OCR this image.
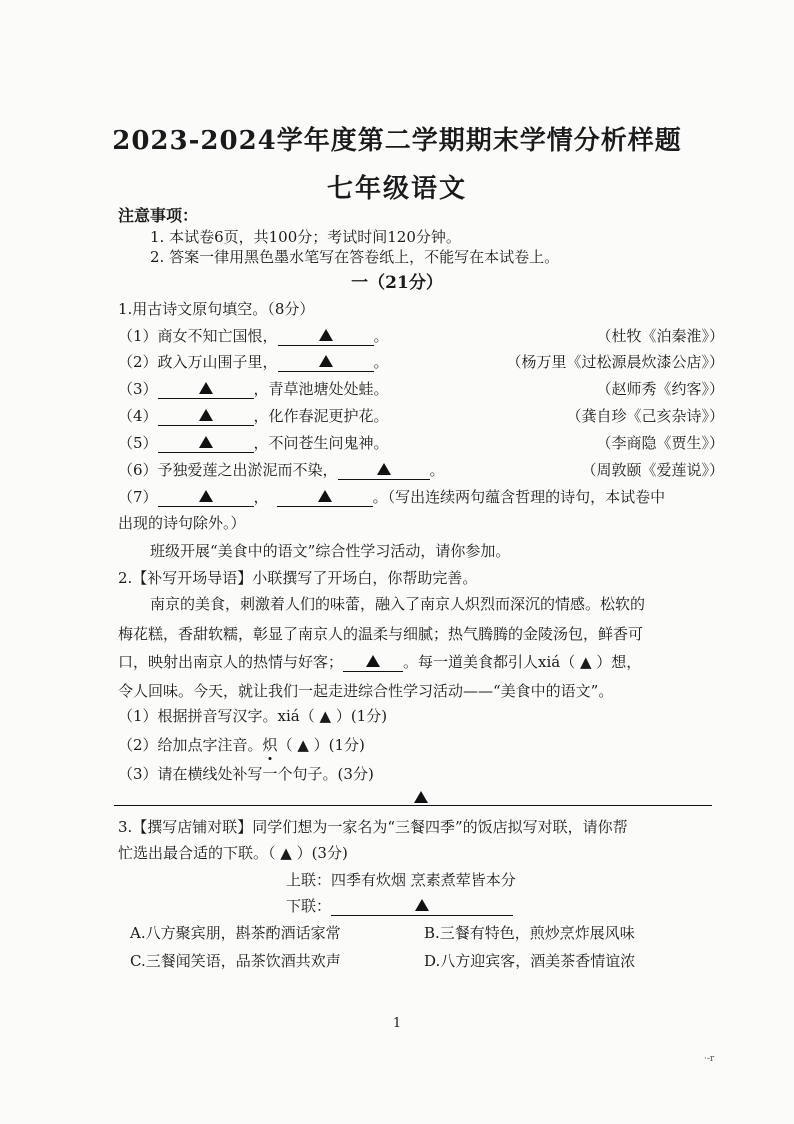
2023-2024学年度第二学期期末学情分析样题
七年级语文
注意事项：
1. 本试卷6页，共100分；考试时间120分钟。
2. 答案一律用黑色墨水笔写在答卷纸上，不能写在本试卷上。
一（21分）
1.用古诗文原句填空。（8分）
（1）商女不知亡国恨，	。	（杜牧《泊秦淮》）
（2）政入万山围子里，	。	（杨万里《过松源晨炊漆公店》）
（3）	，青草池塘处处蛙。	（赵师秀《约客》）
（4）	，化作春泥更护花。	（龚自珍《己亥杂诗》）
（5）	，不问苍生问鬼神。	（李商隐《贾生》）
（6）予独爱莲之出淤泥而不染，	。	（周敦颐《爱莲说》）
（7）	，	。（写出连续两句蕴含哲理的诗句，本试卷中
出现的诗句除外。）
班级开展“美食中的语文”综合性学习活动，请你参加。
2.【补写开场导语】小联撰写了开场白，你帮助完善。
南京的美食，刺激着人们的味蕾，融入了南京人炽烈而深沉的情感。松软的
梅花糕，香甜软糯，彰显了南京人的温柔与细腻；热气腾腾的金陵汤包，鲜香可
口，映射出南京人的热情与好客；	。每一道美食都引人xiá（ ▲ ）想，
令人回味。今天，就让我们一起走进综合性学习活动——“美食中的语文”。
（1）根据拼音写汉字。xiá（ ▲ ）(1分)
（2）给加点字注音。炽（ ▲ ）(1分)
（3）请在横线处补写一个句子。(3分)
3.【撰写店铺对联】同学们想为一家名为“三餐四季”的饭店拟写对联，请你帮
忙选出最合适的下联。（ ▲ ）(3分)
上联：四季有炊烟 烹素煮荤皆本分
下联：
A.八方聚宾朋，斟茶酌酒话家常	B.三餐有特色，煎炒烹炸展风味
C.三餐闻笑语，品茶饮酒共欢声	D.八方迎宾客，酒美茶香情谊浓
1
·-r
